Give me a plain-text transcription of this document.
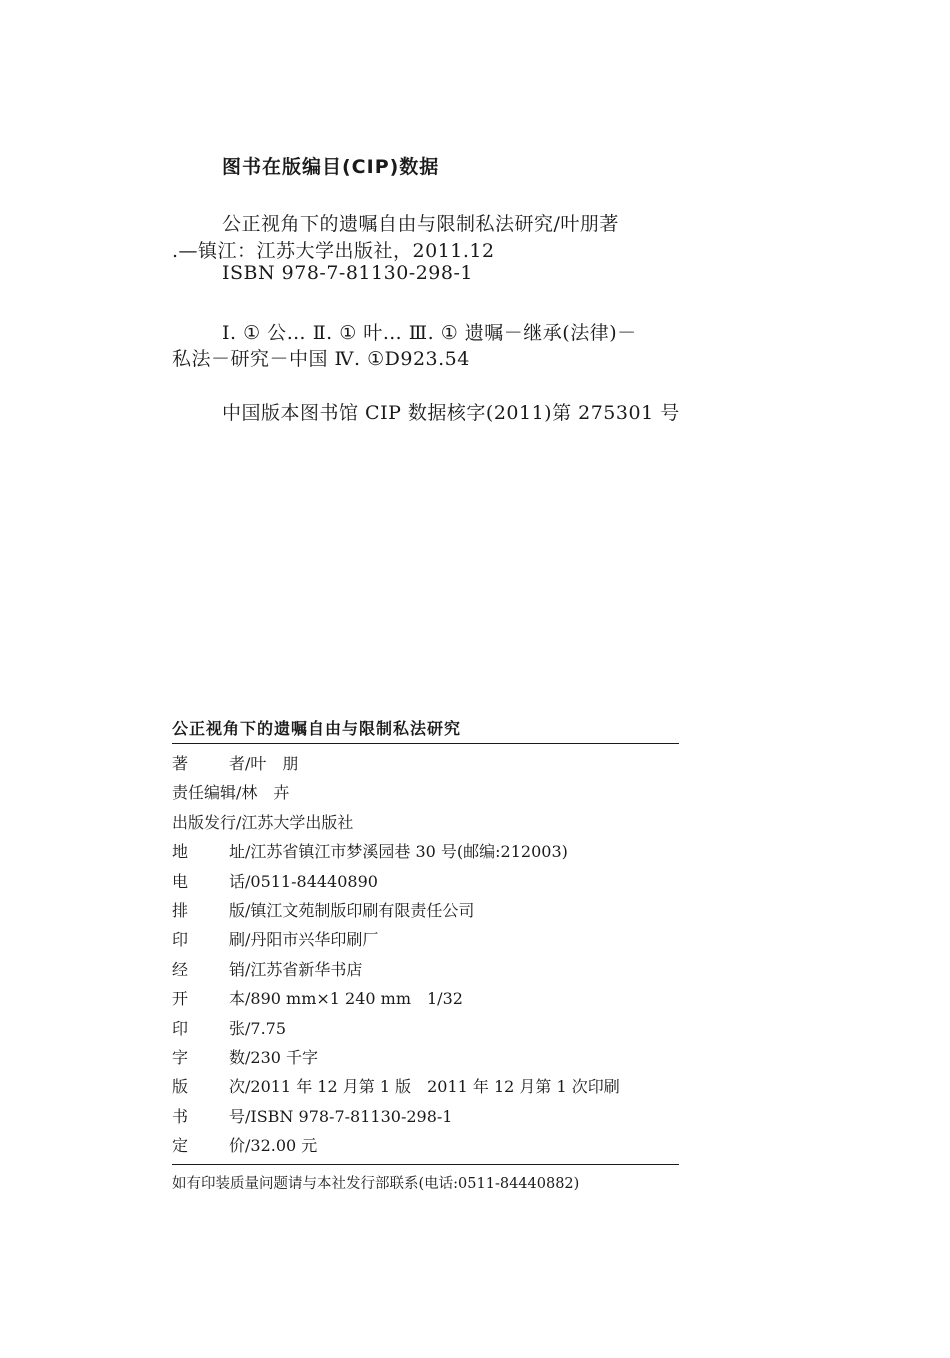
图书在版编目(CIP)数据
公正视角下的遗嘱自由与限制私法研究/叶朋著
.—镇江：江苏大学出版社，2011.12
ISBN 978-7-81130-298-1
Ⅰ. ① 公… Ⅱ. ① 叶… Ⅲ. ① 遗嘱－继承(法律)－
私法－研究－中国 Ⅳ. ①D923.54
中国版本图书馆 CIP 数据核字(2011)第 275301 号
公正视角下的遗嘱自由与限制私法研究
著	者/叶　朋
责任编辑/林　卉
出版发行/江苏大学出版社
地	址/江苏省镇江市梦溪园巷 30 号(邮编:212003)
电	话/0511-84440890
排	版/镇江文苑制版印刷有限责任公司
印	刷/丹阳市兴华印刷厂
经	销/江苏省新华书店
开	本/890 mm×1 240 mm 1/32
印	张/7.75
字	数/230 千字
版	次/2011 年 12 月第 1 版 2011 年 12 月第 1 次印刷
书	号/ISBN 978-7-81130-298-1
定	价/32.00 元
如有印装质量问题请与本社发行部联系(电话:0511-84440882)
